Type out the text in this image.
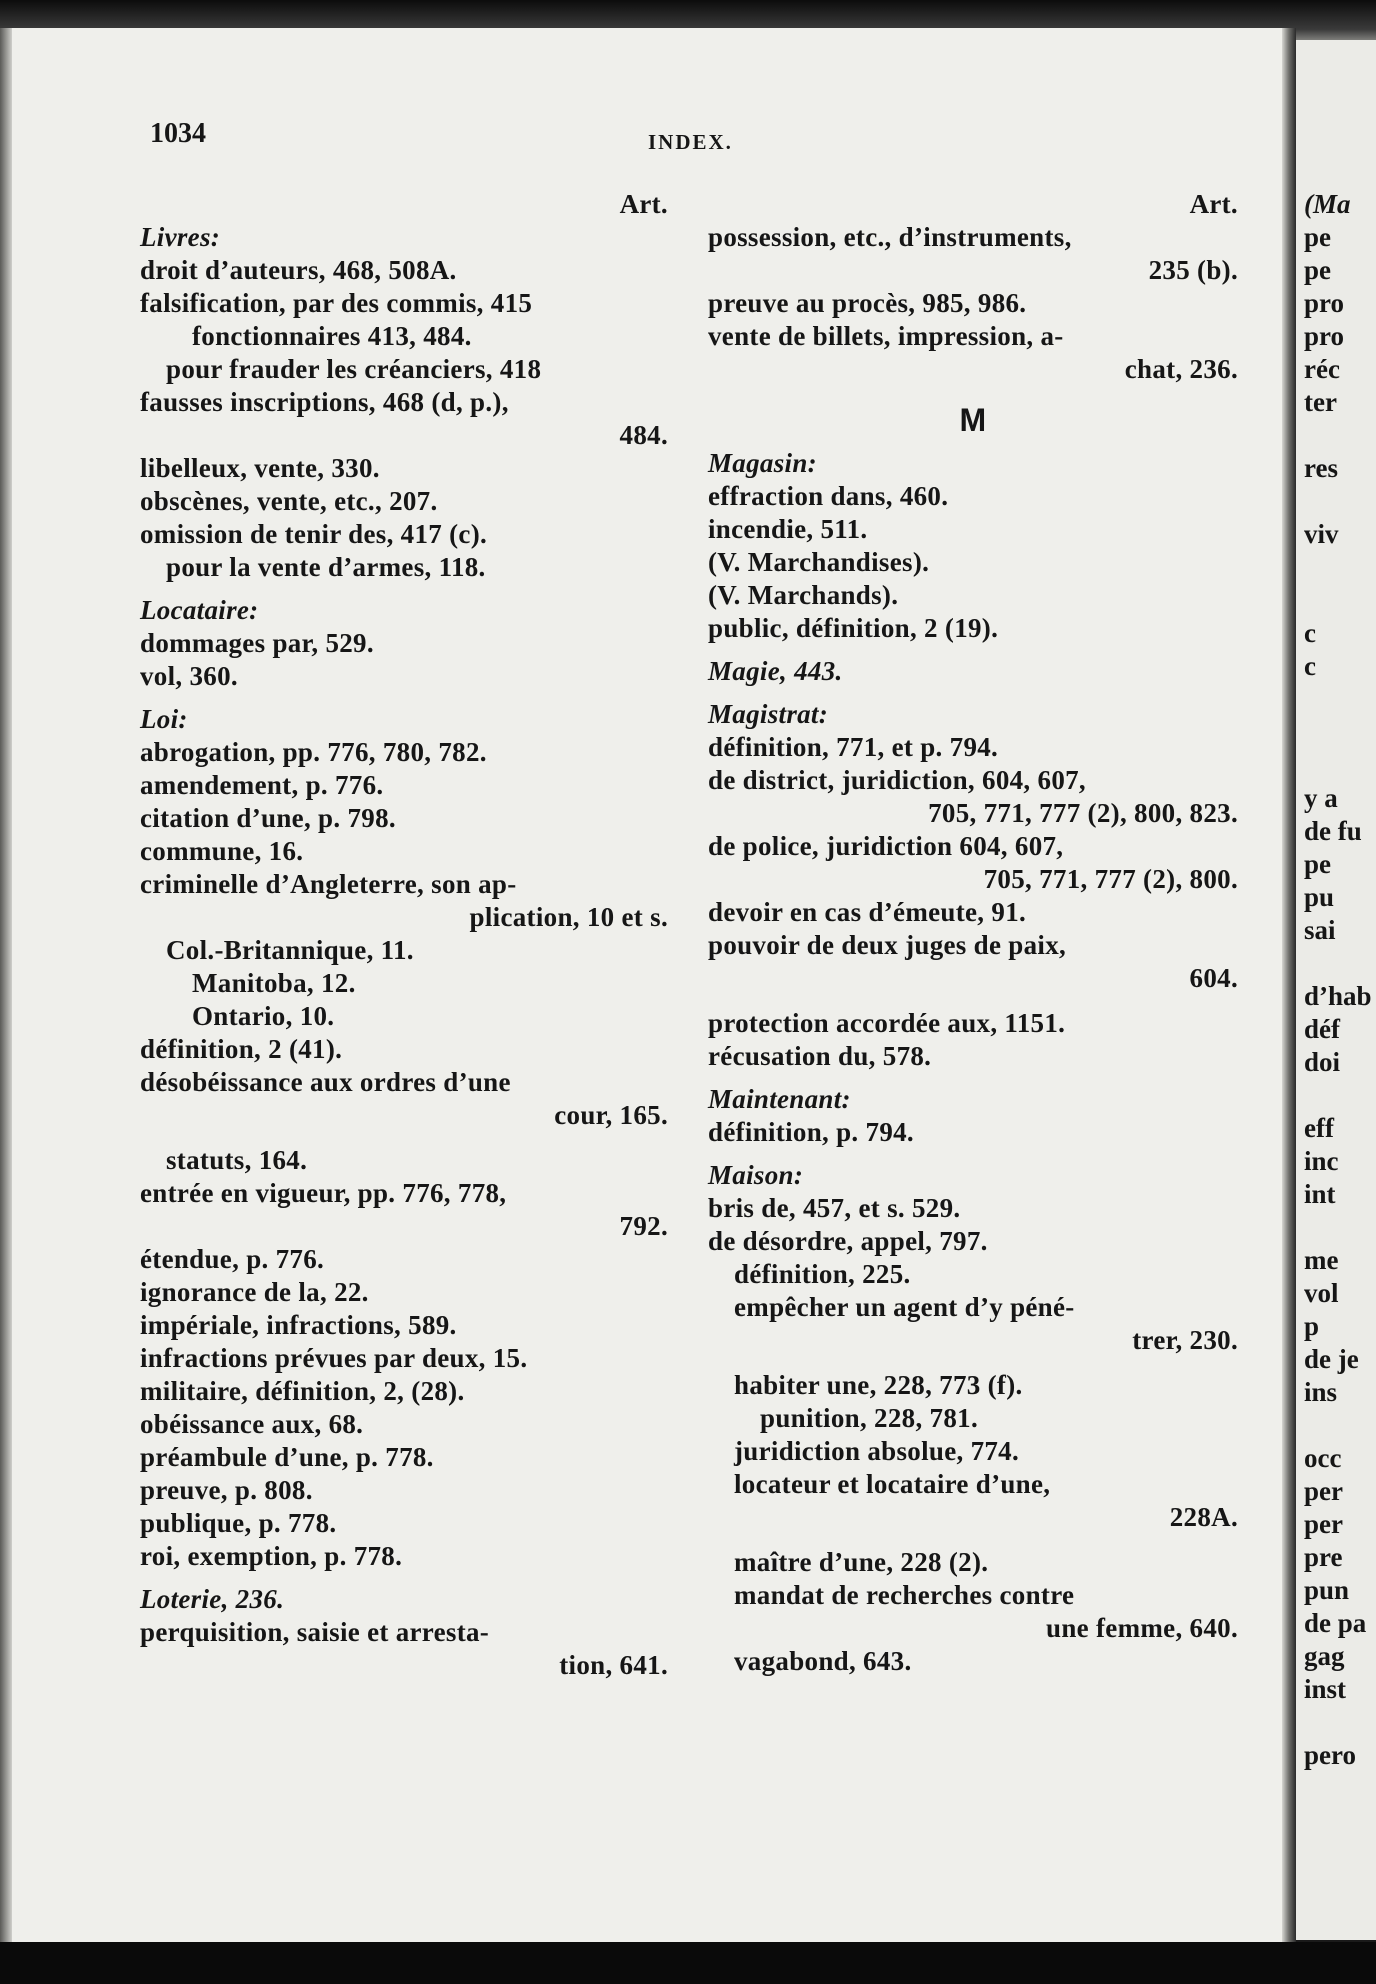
1034	INDEX.
Art.
Livres:
droit d’auteurs, 468, 508A.
falsification, par des commis, 415
fonctionnaires 413, 484.
pour frauder les créanciers, 418
fausses inscriptions, 468 (d, p.),
484.
libelleux, vente, 330.
obscènes, vente, etc., 207.
omission de tenir des, 417 (c).
pour la vente d’armes, 118.
Locataire:
dommages par, 529.
vol, 360.
Loi:
abrogation, pp. 776, 780, 782.
amendement, p. 776.
citation d’une, p. 798.
commune, 16.
criminelle d’Angleterre, son ap-
plication, 10 et s.
Col.-Britannique, 11.
Manitoba, 12.
Ontario, 10.
définition, 2 (41).
désobéissance aux ordres d’une
cour, 165.
statuts, 164.
entrée en vigueur, pp. 776, 778,
792.
étendue, p. 776.
ignorance de la, 22.
impériale, infractions, 589.
infractions prévues par deux, 15.
militaire, définition, 2, (28).
obéissance aux, 68.
préambule d’une, p. 778.
preuve, p. 808.
publique, p. 778.
roi, exemption, p. 778.
Loterie, 236.
perquisition, saisie et arresta-
tion, 641.
Art.
possession, etc., d’instruments,
235 (b).
preuve au procès, 985, 986.
vente de billets, impression, a-
chat, 236.
M
Magasin:
effraction dans, 460.
incendie, 511.
(V. Marchandises).
(V. Marchands).
public, définition, 2 (19).
Magie, 443.
Magistrat:
définition, 771, et p. 794.
de district, juridiction, 604, 607,
705, 771, 777 (2), 800, 823.
de police, juridiction 604, 607,
705, 771, 777 (2), 800.
devoir en cas d’émeute, 91.
pouvoir de deux juges de paix,
604.
protection accordée aux, 1151.
récusation du, 578.
Maintenant:
définition, p. 794.
Maison:
bris de, 457, et s. 529.
de désordre, appel, 797.
définition, 225.
empêcher un agent d’y péné-
trer, 230.
habiter une, 228, 773 (f).
punition, 228, 781.
juridiction absolue, 774.
locateur et locataire d’une,
228A.
maître d’une, 228 (2).
mandat de recherches contre
une femme, 640.
vagabond, 643.
(Ma
pe
pe
pro
pro
réc
ter

res

viv

c
c

y a
de fu
pe
pu
sai

d’hab
déf
doi

eff
inc
int

me
vol
p
de je
ins

occ
per
per
pre
pun
de pa
gag
inst

pero
